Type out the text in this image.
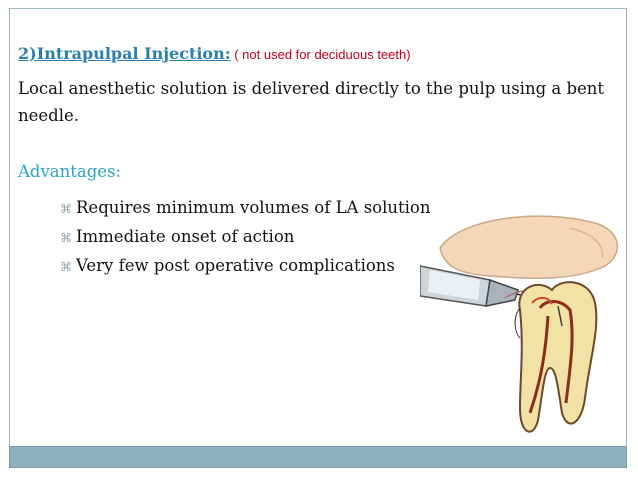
2)Intrapulpal Injection: ( not used for deciduous teeth)
Local anesthetic solution is delivered directly to the pulp using a bent needle.
Advantages:
⌘ Requires minimum volumes of LA solution
⌘ Immediate onset of action
⌘ Very few post operative complications
